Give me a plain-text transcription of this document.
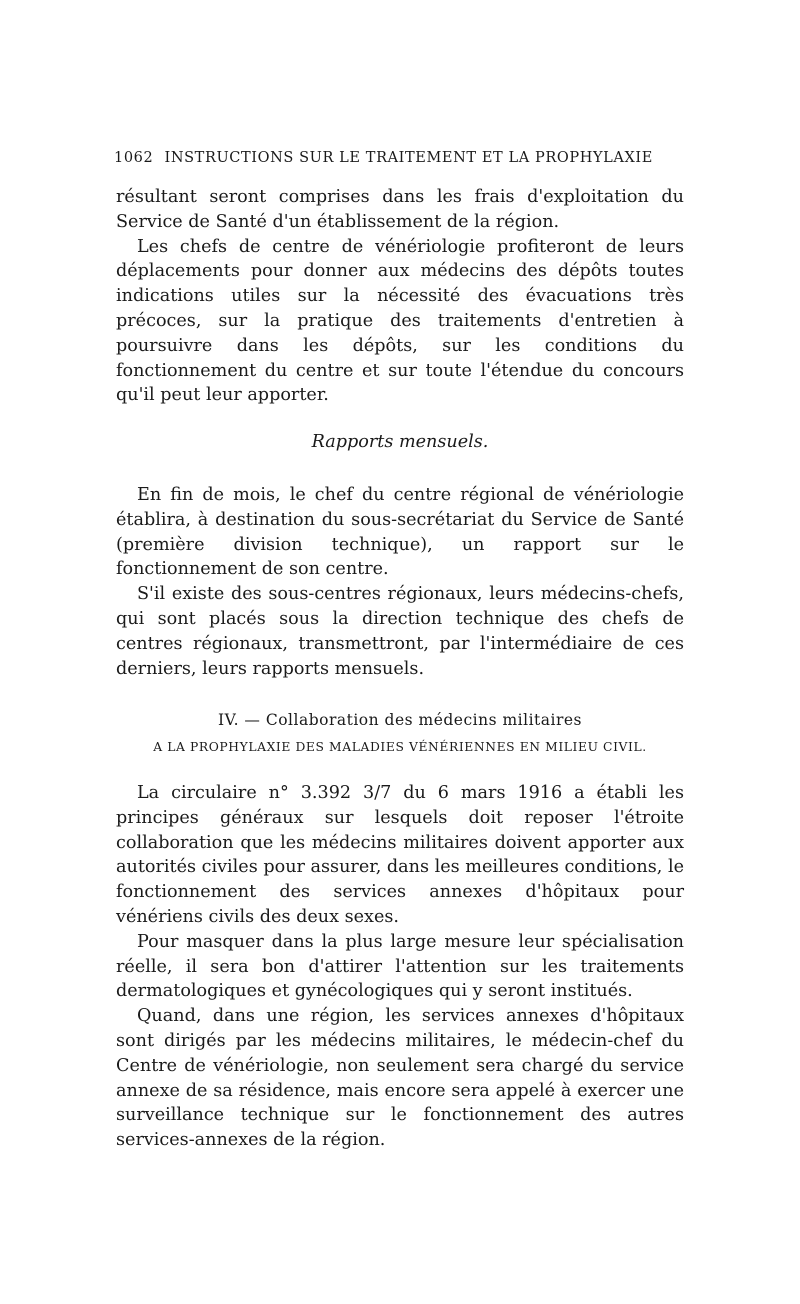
1062 INSTRUCTIONS SUR LE TRAITEMENT ET LA PROPHYLAXIE

résultant seront comprises dans les frais d'exploitation du Service de Santé d'un établissement de la région.

Les chefs de centre de vénériologie profiteront de leurs déplacements pour donner aux médecins des dépôts toutes indications utiles sur la nécessité des évacuations très précoces, sur la pratique des traitements d'entretien à poursuivre dans les dépôts, sur les conditions du fonctionnement du centre et sur toute l'étendue du concours qu'il peut leur apporter.

Rapports mensuels.

En fin de mois, le chef du centre régional de vénériologie établira, à destination du sous-secrétariat du Service de Santé (première division technique), un rapport sur le fonctionnement de son centre.

S'il existe des sous-centres régionaux, leurs médecins-chefs, qui sont placés sous la direction technique des chefs de centres régionaux, transmettront, par l'intermédiaire de ces derniers, leurs rapports mensuels.

IV. — Collaboration des médecins militaires
A LA PROPHYLAXIE DES MALADIES VÉNÉRIENNES EN MILIEU CIVIL.

La circulaire n° 3.392 3/7 du 6 mars 1916 a établi les principes généraux sur lesquels doit reposer l'étroite collaboration que les médecins militaires doivent apporter aux autorités civiles pour assurer, dans les meilleures conditions, le fonctionnement des services annexes d'hôpitaux pour vénériens civils des deux sexes.

Pour masquer dans la plus large mesure leur spécialisation réelle, il sera bon d'attirer l'attention sur les traitements dermatologiques et gynécologiques qui y seront institués.

Quand, dans une région, les services annexes d'hôpitaux sont dirigés par les médecins militaires, le médecin-chef du Centre de vénériologie, non seulement sera chargé du service annexe de sa résidence, mais encore sera appelé à exercer une surveillance technique sur le fonctionnement des autres services-annexes de la région.
